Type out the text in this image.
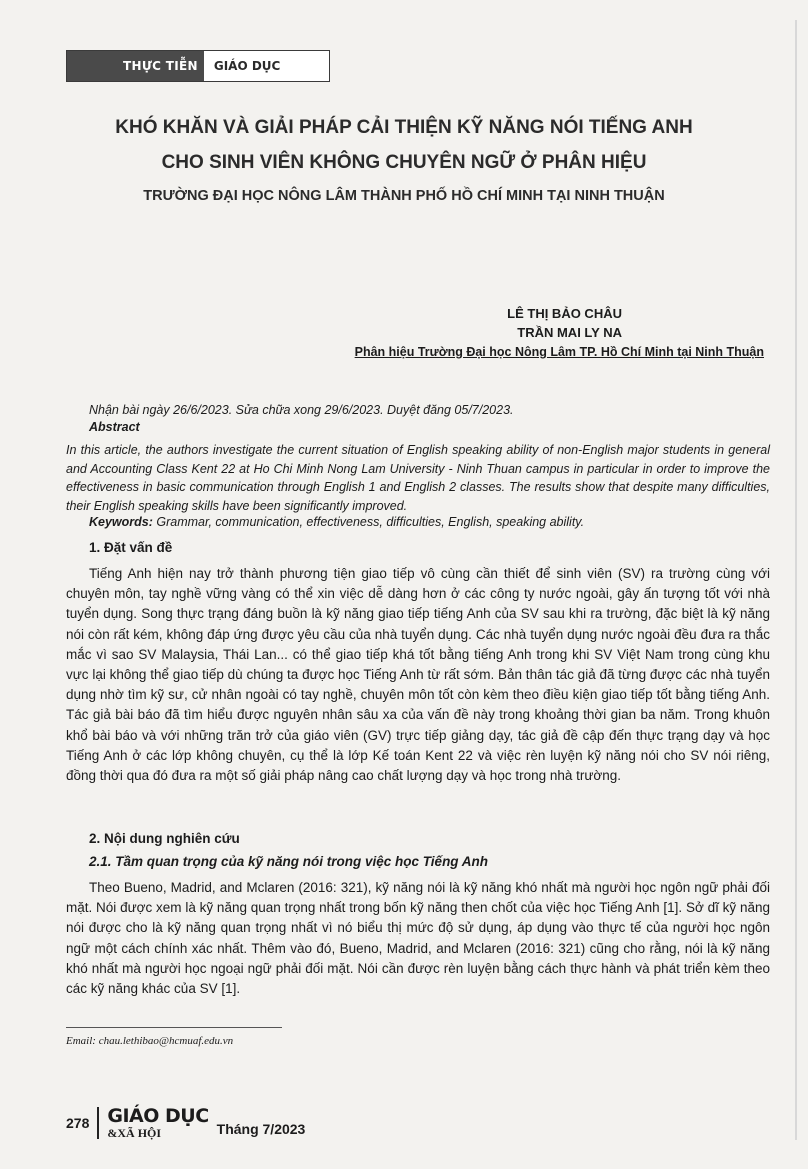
THỰC TIỄN	GIÁO DỤC
KHÓ KHĂN VÀ GIẢI PHÁP CẢI THIỆN KỸ NĂNG NÓI TIẾNG ANH
CHO SINH VIÊN KHÔNG CHUYÊN NGỮ Ở PHÂN HIỆU
TRƯỜNG ĐẠI HỌC NÔNG LÂM THÀNH PHỐ HỒ CHÍ MINH TẠI NINH THUẬN
LÊ THỊ BẢO CHÂU
TRẦN MAI LY NA
Phân hiệu Trường Đại học Nông Lâm TP. Hồ Chí Minh tại Ninh Thuận
Nhận bài ngày 26/6/2023. Sửa chữa xong 29/6/2023. Duyệt đăng 05/7/2023.
Abstract
In this article, the authors investigate the current situation of English speaking ability of non-English major students in general and Accounting Class Kent 22 at Ho Chi Minh Nong Lam University - Ninh Thuan campus in particular in order to improve the effectiveness in basic communication through English 1 and English 2 classes. The results show that despite many difficulties, their English speaking skills have been significantly improved.
Keywords: Grammar, communication, effectiveness, difficulties, English, speaking ability.
1. Đặt vấn đề
Tiếng Anh hiện nay trở thành phương tiện giao tiếp vô cùng cần thiết để sinh viên (SV) ra trường cùng với chuyên môn, tay nghề vững vàng có thể xin việc dễ dàng hơn ở các công ty nước ngoài, gây ấn tượng tốt với nhà tuyển dụng. Song thực trạng đáng buồn là kỹ năng giao tiếp tiếng Anh của SV sau khi ra trường, đặc biệt là kỹ năng nói còn rất kém, không đáp ứng được yêu cầu của nhà tuyển dụng. Các nhà tuyển dụng nước ngoài đều đưa ra thắc mắc vì sao SV Malaysia, Thái Lan... có thể giao tiếp khá tốt bằng tiếng Anh trong khi SV Việt Nam trong cùng khu vực lại không thể giao tiếp dù chúng ta được học Tiếng Anh từ rất sớm. Bản thân tác giả đã từng được các nhà tuyển dụng nhờ tìm kỹ sư, cử nhân ngoài có tay nghề, chuyên môn tốt còn kèm theo điều kiện giao tiếp tốt bằng tiếng Anh. Tác giả bài báo đã tìm hiểu được nguyên nhân sâu xa của vấn đề này trong khoảng thời gian ba năm. Trong khuôn khổ bài báo và với những trăn trở của giáo viên (GV) trực tiếp giảng dạy, tác giả đề cập đến thực trạng dạy và học Tiếng Anh ở các lớp không chuyên, cụ thể là lớp Kế toán Kent 22 và việc rèn luyện kỹ năng nói cho SV nói riêng, đồng thời qua đó đưa ra một số giải pháp nâng cao chất lượng dạy và học trong nhà trường.
2. Nội dung nghiên cứu
2.1. Tầm quan trọng của kỹ năng nói trong việc học Tiếng Anh
Theo Bueno, Madrid, and Mclaren (2016: 321), kỹ năng nói là kỹ năng khó nhất mà người học ngôn ngữ phải đối mặt. Nói được xem là kỹ năng quan trọng nhất trong bốn kỹ năng then chốt của việc học Tiếng Anh [1]. Sở dĩ kỹ năng nói được cho là kỹ năng quan trọng nhất vì nó biểu thị mức độ sử dụng, áp dụng vào thực tế của người học ngôn ngữ một cách chính xác nhất. Thêm vào đó, Bueno, Madrid, and Mclaren (2016: 321) cũng cho rằng, nói là kỹ năng khó nhất mà người học ngoại ngữ phải đối mặt. Nói cần được rèn luyện bằng cách thực hành và phát triển kèm theo các kỹ năng khác của SV [1].
Email: chau.lethibao@hcmuaf.edu.vn
278 GIÁO DỤC
&XÃ HỘI	Tháng 7/2023
